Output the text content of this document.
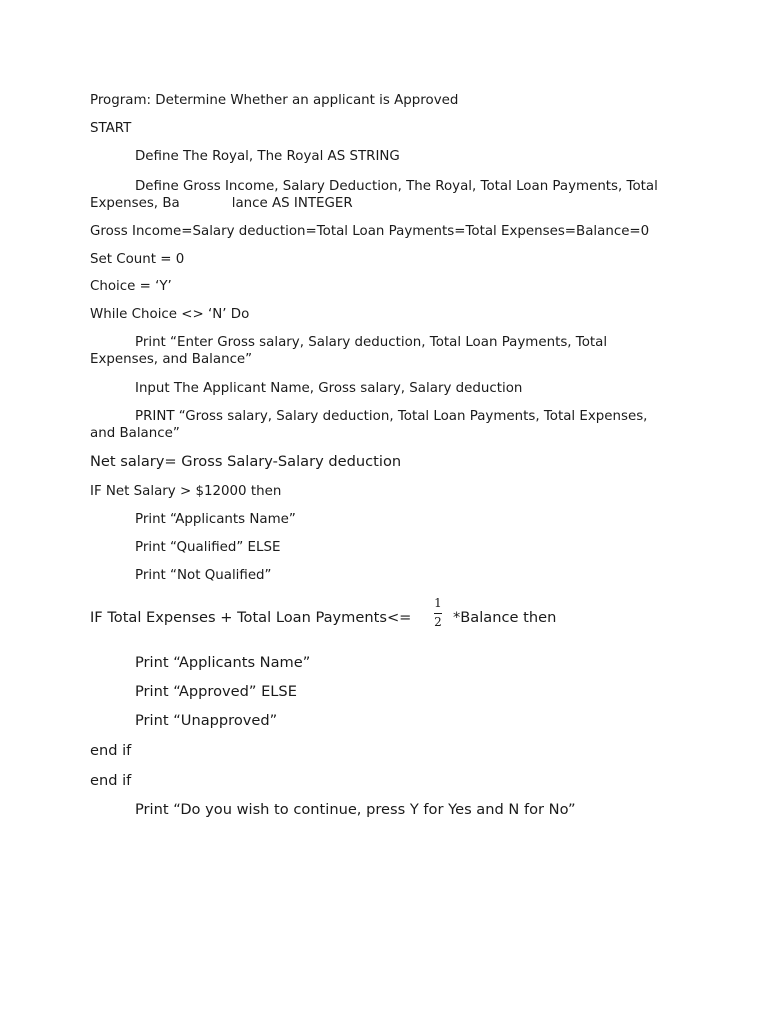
Program: Determine Whether an applicant is Approved
START
Define The Royal, The Royal AS STRING
Define Gross Income, Salary Deduction, The Royal, Total Loan Payments, Total
Expenses, Ba	lance AS INTEGER
Gross Income=Salary deduction=Total Loan Payments=Total Expenses=Balance=0
Set Count = 0
Choice = ‘Y’
While Choice <> ‘N’ Do
Print “Enter Gross salary, Salary deduction, Total Loan Payments, Total
Expenses, and Balance”
Input The Applicant Name, Gross salary, Salary deduction
PRINT “Gross salary, Salary deduction, Total Loan Payments, Total Expenses,
and Balance”
Net salary= Gross Salary-Salary deduction
IF Net Salary > $12000 then
Print “Applicants Name”
Print “Qualified” ELSE
Print “Not Qualified”
IF Total Expenses + Total Loan Payments<=
1
2 *Balance then
Print “Applicants Name”
Print “Approved” ELSE
Print “Unapproved”
end if
end if
Print “Do you wish to continue, press Y for Yes and N for No”
